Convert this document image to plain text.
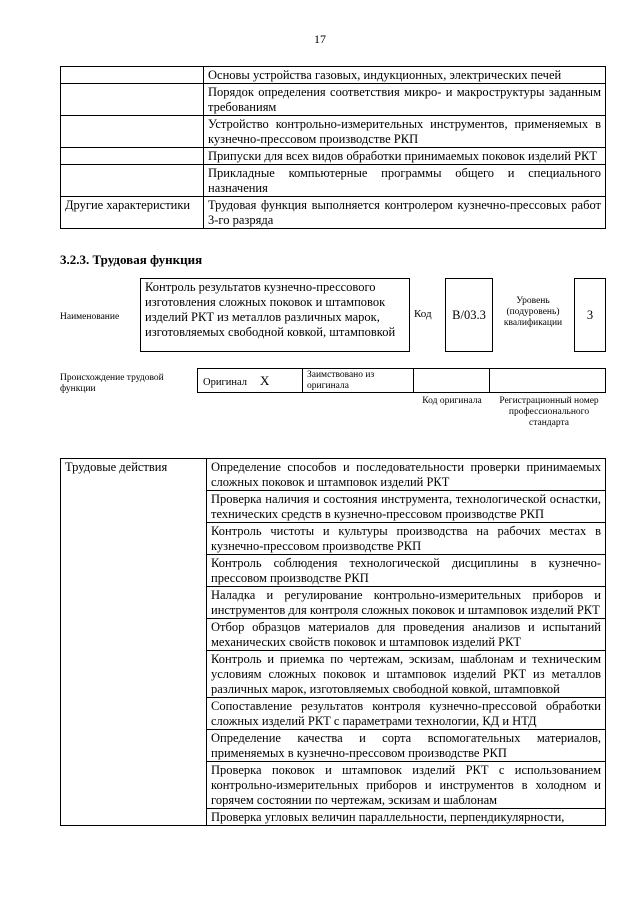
17
	Основы устройства газовых, индукционных, электрических печей
	Порядок определения соответствия микро- и макроструктуры заданным требованиям
	Устройство контрольно-измерительных инструментов, применяемых в кузнечно-прессовом производстве РКП
	Припуски для всех видов обработки принимаемых поковок изделий РКТ
	Прикладные компьютерные программы общего и специального назначения
Другие характеристики	Трудовая функция выполняется контролером кузнечно-прессовых работ 3-го разряда
3.2.3. Трудовая функция
Наименование
Контроль результатов кузнечно-прессового изготовления сложных поковок и штамповок изделий РКТ из металлов различных марок, изготовляемых свободной ковкой, штамповкой
Код	B/03.3
Уровень (подуровень) квалификации
3
Происхождение трудовой функции
Оригинал X	Заимствовано из оригинала
Код оригинала	Регистрационный номер профессионального стандарта
Трудовые действия	Определение способов и последовательности проверки принимаемых сложных поковок и штамповок изделий РКТ
Проверка наличия и состояния инструмента, технологической оснастки, технических средств в кузнечно-прессовом производстве РКП
Контроль чистоты и культуры производства на рабочих местах в кузнечно-прессовом производстве РКП
Контроль соблюдения технологической дисциплины в кузнечно-прессовом производстве РКП
Наладка и регулирование контрольно-измерительных приборов и инструментов для контроля сложных поковок и штамповок изделий РКТ
Отбор образцов материалов для проведения анализов и испытаний механических свойств поковок и штамповок изделий РКТ
Контроль и приемка по чертежам, эскизам, шаблонам и техническим условиям сложных поковок и штамповок изделий РКТ из металлов различных марок, изготовляемых свободной ковкой, штамповкой
Сопоставление результатов контроля кузнечно-прессовой обработки сложных изделий РКТ с параметрами технологии, КД и НТД
Определение качества и сорта вспомогательных материалов, применяемых в кузнечно-прессовом производстве РКП
Проверка поковок и штамповок изделий РКТ с использованием контрольно-измерительных приборов и инструментов в холодном и горячем состоянии по чертежам, эскизам и шаблонам
Проверка угловых величин параллельности, перпендикулярности,
